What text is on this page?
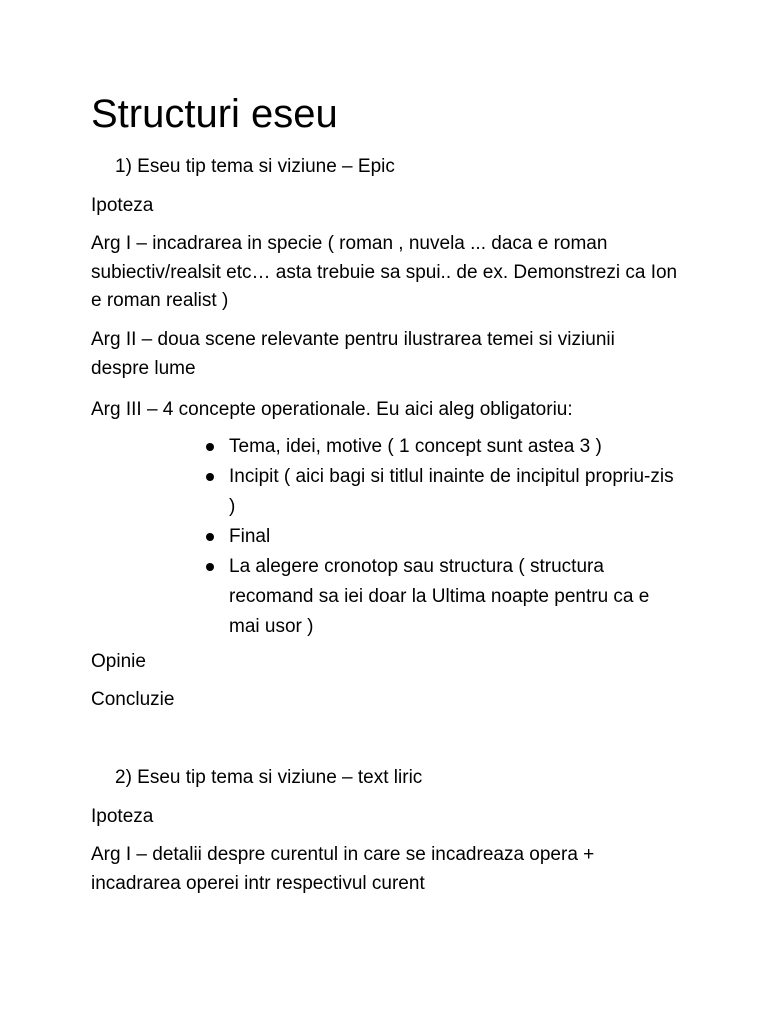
Structuri eseu

1) Eseu tip tema si viziune – Epic

Ipoteza

Arg I – incadrarea in specie ( roman , nuvela ... daca e roman subiectiv/realsit etc… asta trebuie sa spui.. de ex. Demonstrezi ca Ion e roman realist )

Arg II – doua scene relevante pentru ilustrarea temei si viziunii despre lume

Arg III – 4 concepte operationale. Eu aici aleg obligatoriu:

Tema, idei, motive ( 1 concept sunt astea 3 )
Incipit ( aici bagi si titlul inainte de incipitul propriu-zis )
Final
La alegere cronotop sau structura ( structura recomand sa iei doar la Ultima noapte pentru ca e mai usor )

Opinie

Concluzie

2) Eseu tip tema si viziune – text liric

Ipoteza

Arg I – detalii despre curentul in care se incadreaza opera + incadrarea operei intr respectivul curent
